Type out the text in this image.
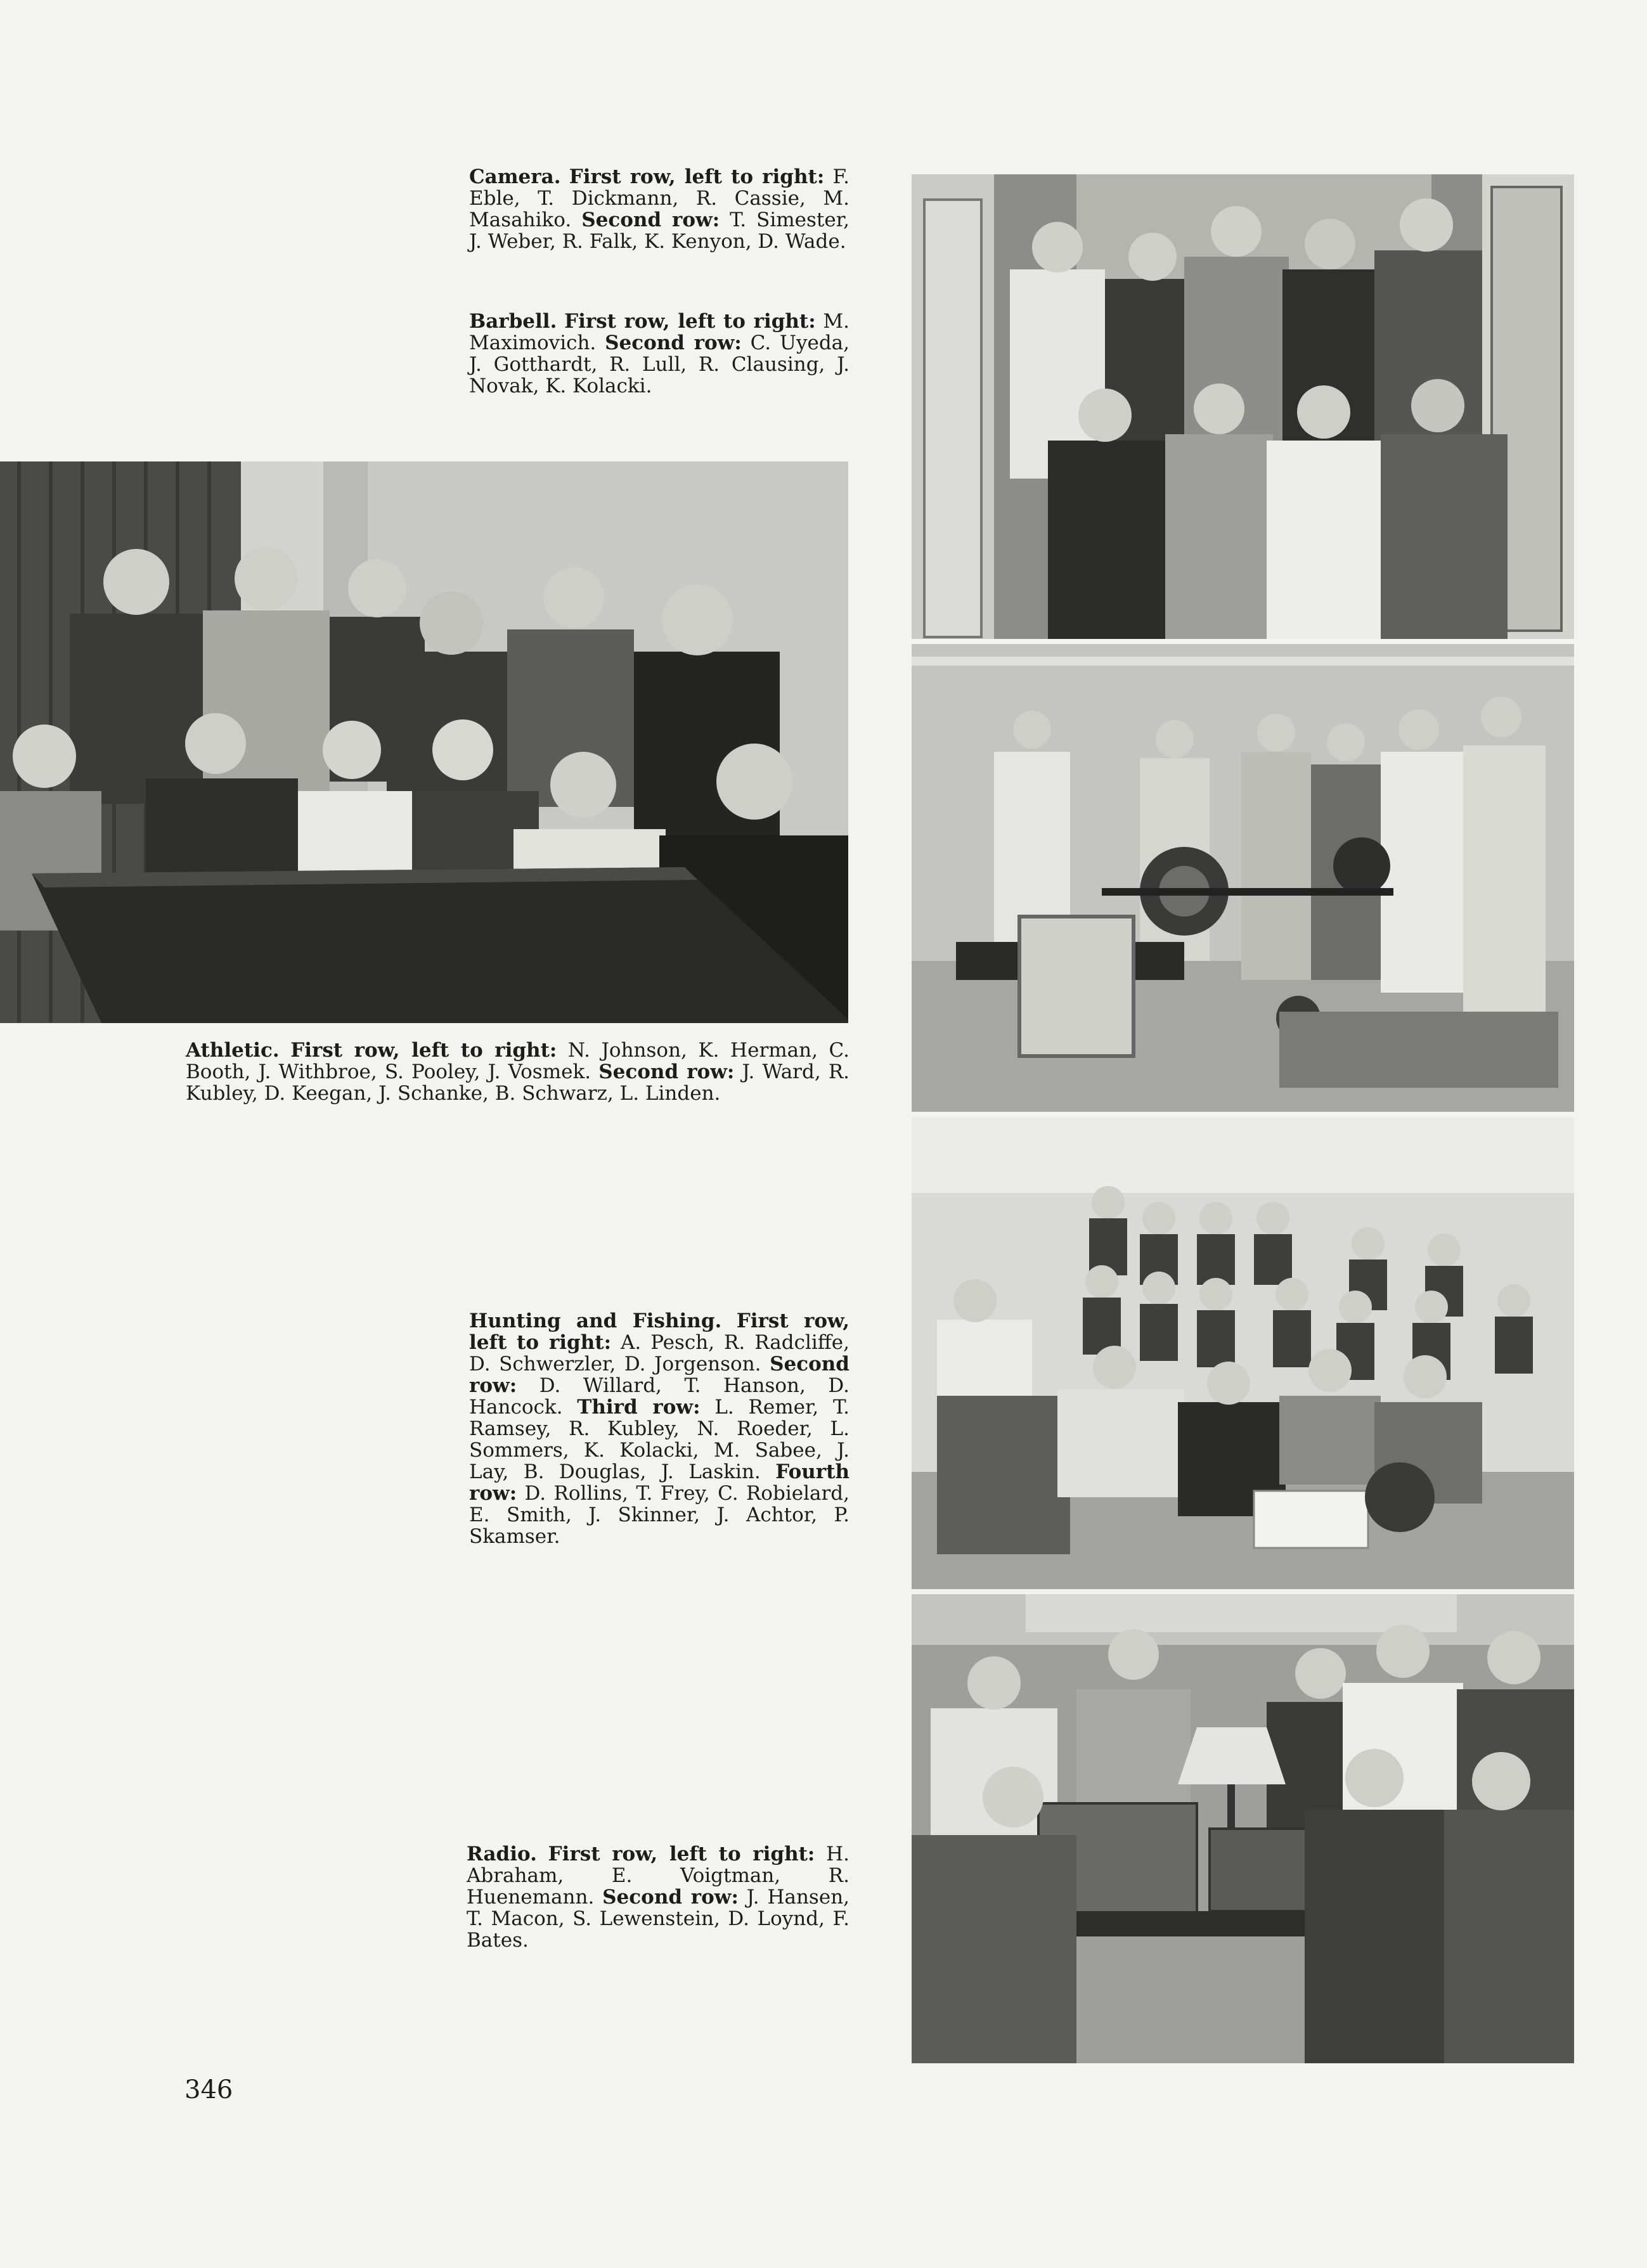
Camera. First row, left to right: F. Eble, T. Dickmann, R. Cassie, M. Masahiko. Second row: T. Simester, J. Weber, R. Falk, K. Kenyon, D. Wade.
Barbell. First row, left to right: M. Maximovich. Second row: C. Uyeda, J. Gotthardt, R. Lull, R. Clausing, J. Novak, K. Kolacki.
Athletic. First row, left to right: N. Johnson, K. Herman, C. Booth, J. Withbroe, S. Pooley, J. Vosmek. Second row: J. Ward, R. Kubley, D. Keegan, J. Schanke, B. Schwarz, L. Linden.
Hunting and Fishing. First row, left to right: A. Pesch, R. Radcliffe, D. Schwerzler, D. Jorgenson. Second row: D. Willard, T. Hanson, D. Hancock. Third row: L. Remer, T. Ramsey, R. Kubley, N. Roeder, L. Sommers, K. Kolacki, M. Sabee, J. Lay, B. Douglas, J. Laskin. Fourth row: D. Rollins, T. Frey, C. Robielard, E. Smith, J. Skinner, J. Achtor, P. Skamser.
Radio. First row, left to right: H. Abraham, E. Voigtman, R. Huenemann. Second row: J. Hansen, T. Macon, S. Lewenstein, D. Loynd, F. Bates.
346
